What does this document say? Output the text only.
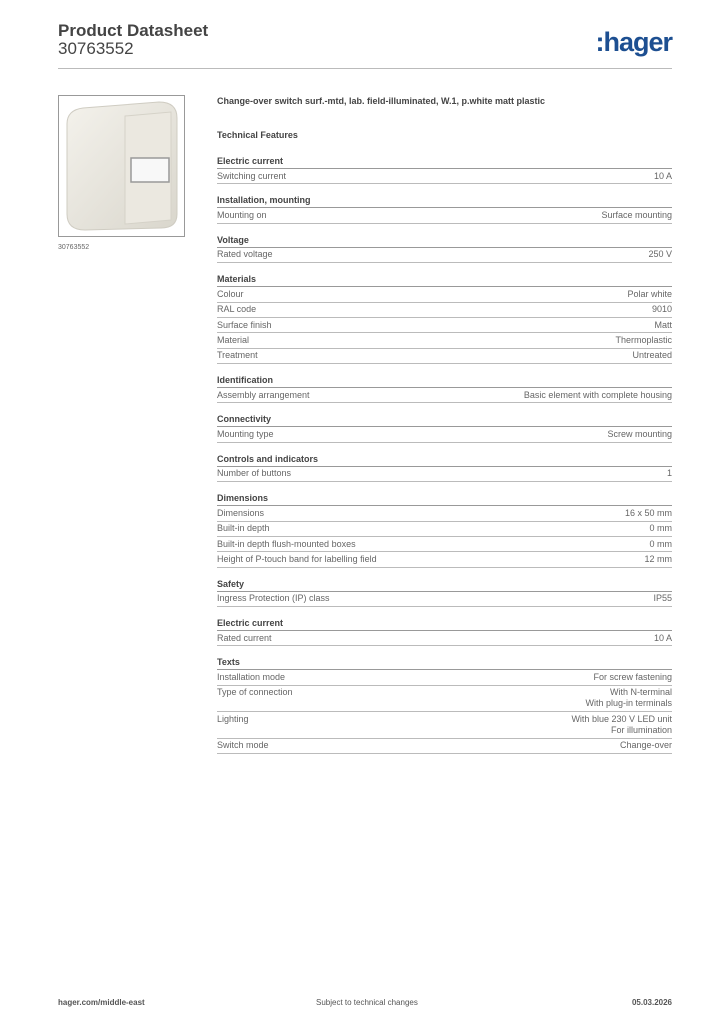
Product Datasheet
30763552	:hager
30763552
Change-over switch surf.-mtd, lab. field-illuminated, W.1, p.white matt plastic
Technical Features
Electric current
Switching current	10 A
Installation, mounting
Mounting on	Surface mounting
Voltage
Rated voltage	250 V
Materials
Colour	Polar white
RAL code	9010
Surface finish	Matt
Material	Thermoplastic
Treatment	Untreated
Identification
Assembly arrangement	Basic element with complete housing
Connectivity
Mounting type	Screw mounting
Controls and indicators
Number of buttons	1
Dimensions
Dimensions	16 x 50 mm
Built-in depth	0 mm
Built-in depth flush-mounted boxes	0 mm
Height of P-touch band for labelling field	12 mm
Safety
Ingress Protection (IP) class	IP55
Electric current
Rated current	10 A
Texts
Installation mode	For screw fastening
Type of connection	With N-terminal
With plug-in terminals
Lighting	With blue 230 V LED unit
For illumination
Switch mode	Change-over
hager.com/middle-east	Subject to technical changes	05.03.2026
